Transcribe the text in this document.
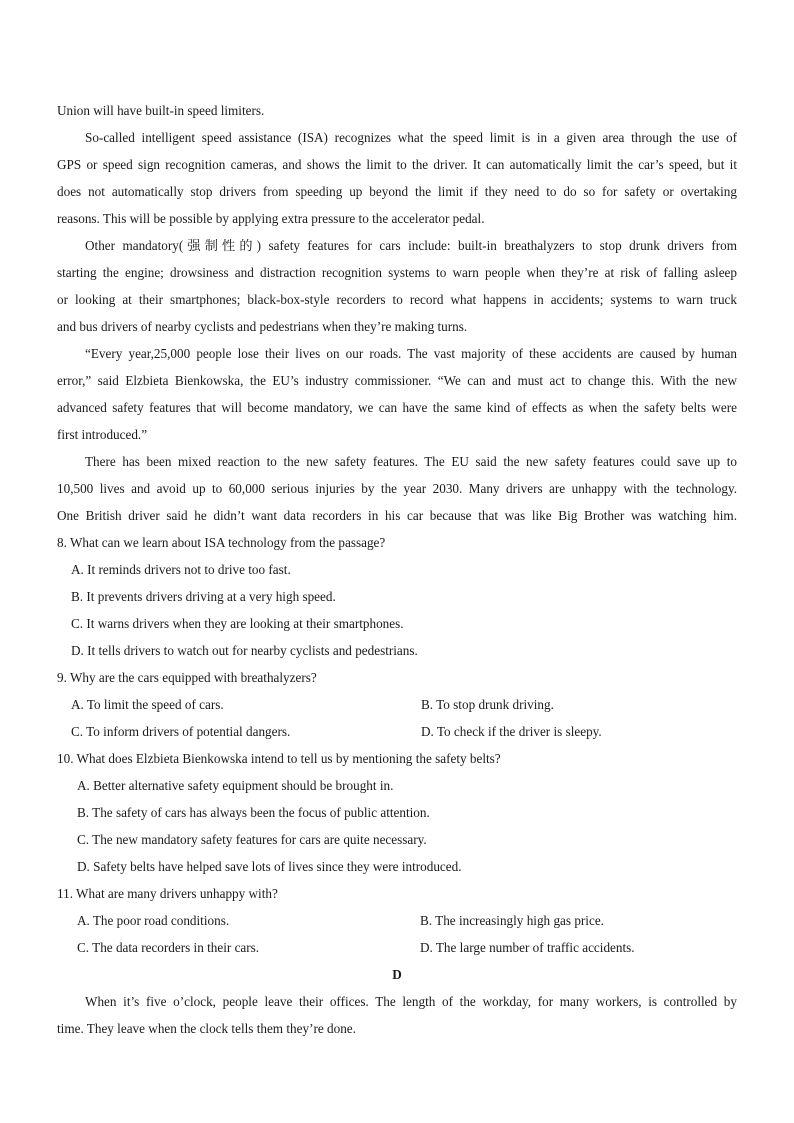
Union will have built-in speed limiters.
So-called intelligent speed assistance (ISA) recognizes what the speed limit is in a given area through the use of
GPS or speed sign recognition cameras, and shows the limit to the driver. It can automatically limit the car’s speed, but it
does not automatically stop drivers from speeding up beyond the limit if they need to do so for safety or overtaking
reasons. This will be possible by applying extra pressure to the accelerator pedal.
Other mandatory(强制性的) safety features for cars include: built-in breathalyzers to stop drunk drivers from
starting the engine; drowsiness and distraction recognition systems to warn people when they’re at risk of falling asleep
or looking at their smartphones; black-box-style recorders to record what happens in accidents; systems to warn truck
and bus drivers of nearby cyclists and pedestrians when they’re making turns.
“Every year,25,000 people lose their lives on our roads. The vast majority of these accidents are caused by human
error,” said Elzbieta Bienkowska, the EU’s industry commissioner. “We can and must act to change this. With the new
advanced safety features that will become mandatory, we can have the same kind of effects as when the safety belts were
first introduced.”
There has been mixed reaction to the new safety features. The EU said the new safety features could save up to
10,500 lives and avoid up to 60,000 serious injuries by the year 2030. Many drivers are unhappy with the technology.
One British driver said he didn’t want data recorders in his car because that was like Big Brother was watching him.
8. What can we learn about ISA technology from the passage?
A. It reminds drivers not to drive too fast.
B. It prevents drivers driving at a very high speed.
C. It warns drivers when they are looking at their smartphones.
D. It tells drivers to watch out for nearby cyclists and pedestrians.
9. Why are the cars equipped with breathalyzers?
A. To limit the speed of cars.	B. To stop drunk driving.
C. To inform drivers of potential dangers.	D. To check if the driver is sleepy.
10. What does Elzbieta Bienkowska intend to tell us by mentioning the safety belts?
A. Better alternative safety equipment should be brought in.
B. The safety of cars has always been the focus of public attention.
C. The new mandatory safety features for cars are quite necessary.
D. Safety belts have helped save lots of lives since they were introduced.
11. What are many drivers unhappy with?
A. The poor road conditions.	B. The increasingly high gas price.
C. The data recorders in their cars.	D. The large number of traffic accidents.
D
When it’s five o’clock, people leave their offices. The length of the workday, for many workers, is controlled by
time. They leave when the clock tells them they’re done.
